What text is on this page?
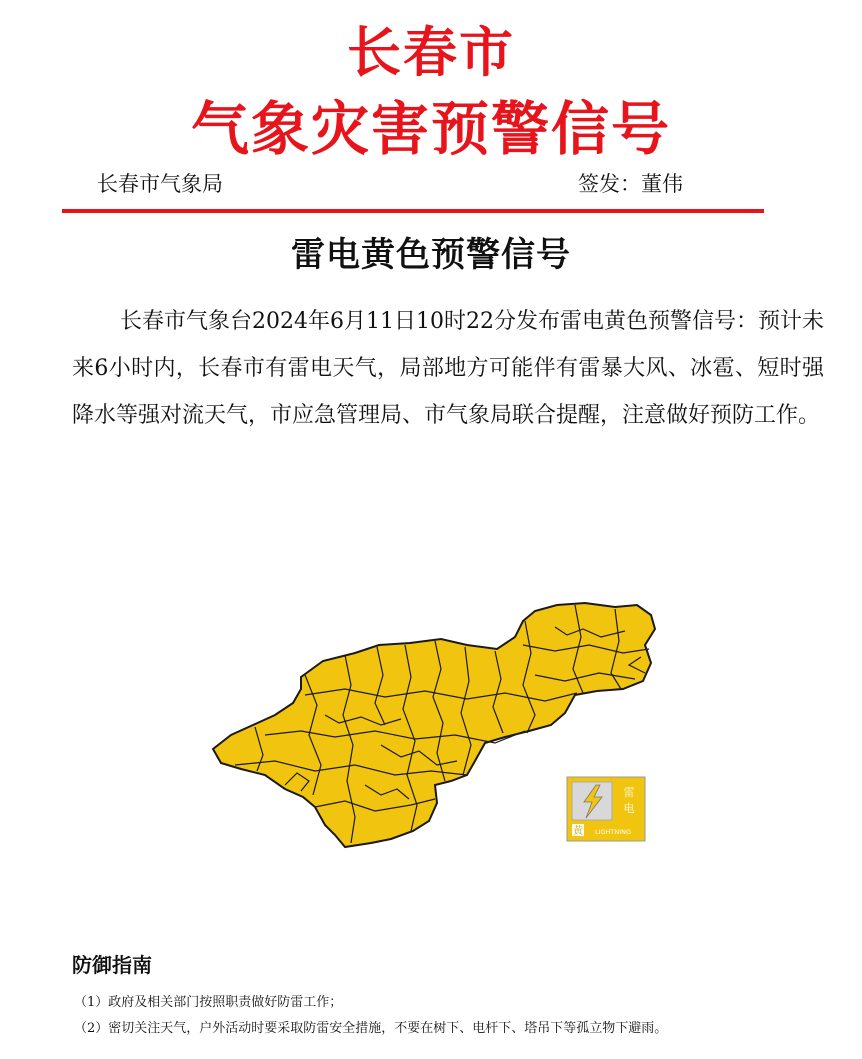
长春市
气象灾害预警信号
长春市气象局	签发：董伟
雷电黄色预警信号

长春市气象台2024年6月11日10时22分发布雷电黄色预警信号：预计未来6小时内，长春市有雷电天气，局部地方可能伴有雷暴大风、冰雹、短时强降水等强对流天气，市应急管理局、市气象局联合提醒，注意做好预防工作。

雷
电
黄 LIGHTNING
防御指南

（1）政府及相关部门按照职责做好防雷工作；

（2）密切关注天气，户外活动时要采取防雷安全措施，不要在树下、电杆下、塔吊下等孤立物下避雨。
